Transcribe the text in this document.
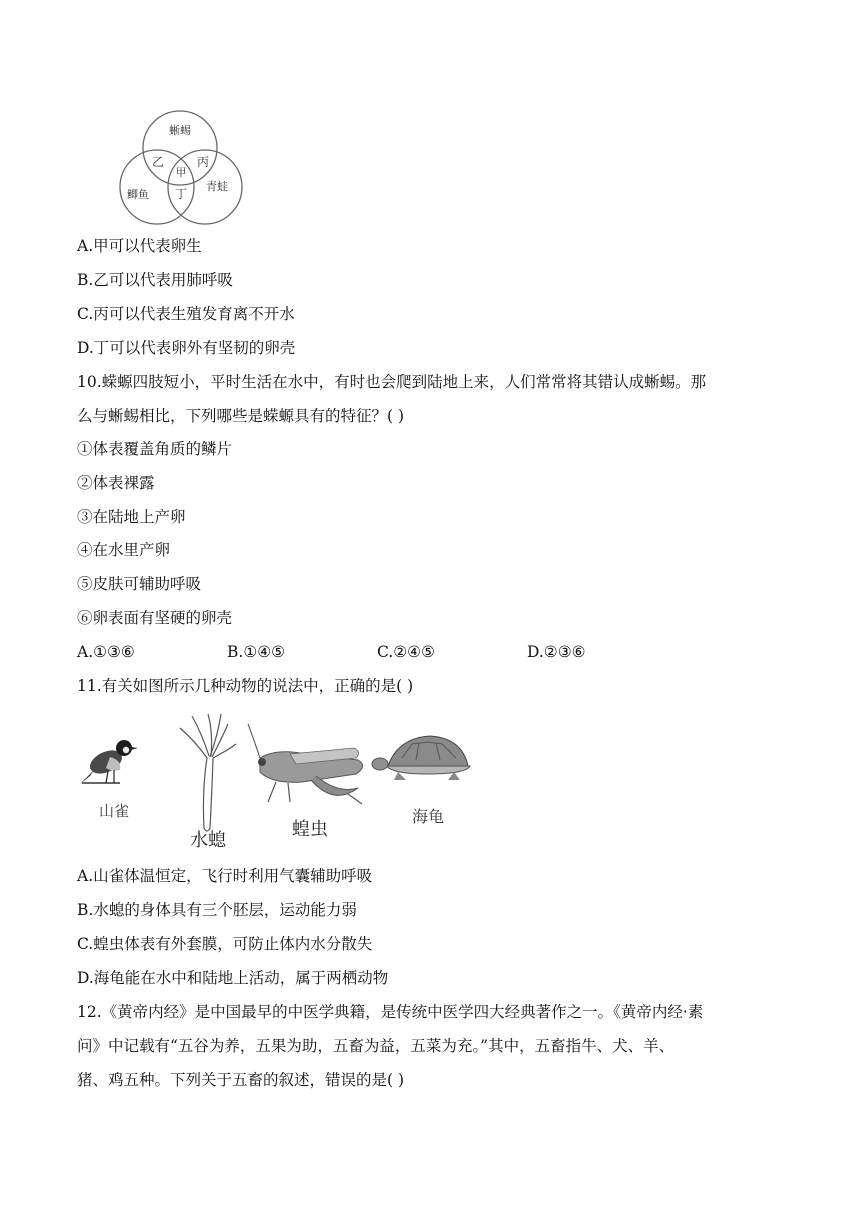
蜥蜴
鲫鱼
青蛙
甲
乙	丙
丁
A.甲可以代表卵生
B.乙可以代表用肺呼吸
C.丙可以代表生殖发育离不开水
D.丁可以代表卵外有坚韧的卵壳
10.蝾螈四肢短小，平时生活在水中，有时也会爬到陆地上来，人们常常将其错认成蜥蜴。那
么与蜥蜴相比，下列哪些是蝾螈具有的特征？( )
①体表覆盖角质的鳞片
②体表裸露
③在陆地上产卵
④在水里产卵
⑤皮肤可辅助呼吸
⑥卵表面有坚硬的卵壳
A.①③⑥	B.①④⑤	C.②④⑤	D.②③⑥
11.有关如图所示几种动物的说法中，正确的是( )
山雀
水螅
蝗虫
海龟
A.山雀体温恒定，飞行时利用气囊辅助呼吸
B.水螅的身体具有三个胚层，运动能力弱
C.蝗虫体表有外套膜，可防止体内水分散失
D.海龟能在水中和陆地上活动，属于两栖动物
12.《黄帝内经》是中国最早的中医学典籍，是传统中医学四大经典著作之一。《黄帝内经·素
问》中记载有“五谷为养，五果为助，五畜为益，五菜为充。”其中，五畜指牛、犬、羊、
猪、鸡五种。下列关于五畜的叙述，错误的是( )
